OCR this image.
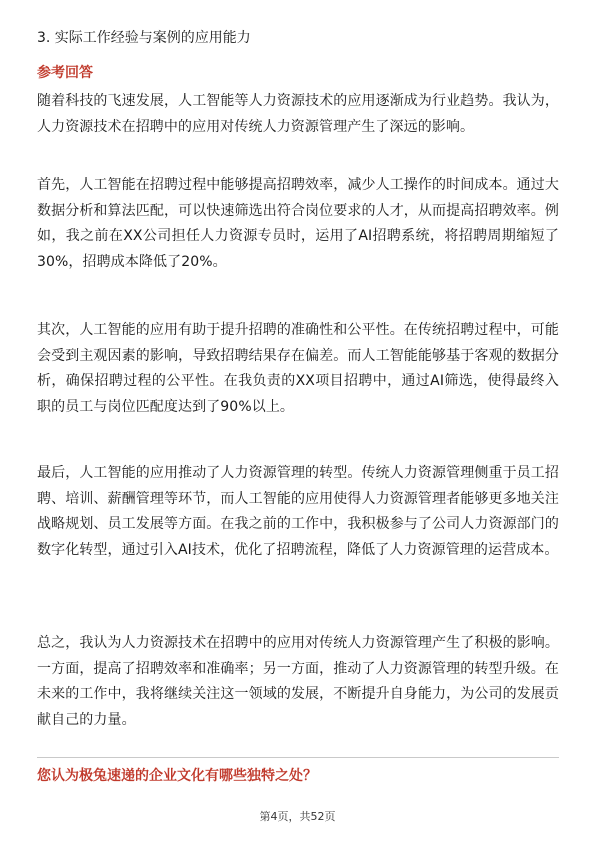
3. 实际工作经验与案例的应用能力
参考回答

随着科技的飞速发展，人工智能等人力资源技术的应用逐渐成为行业趋势。我认为，人力资源技术在招聘中的应用对传统人力资源管理产生了深远的影响。

首先，人工智能在招聘过程中能够提高招聘效率，减少人工操作的时间成本。通过大数据分析和算法匹配，可以快速筛选出符合岗位要求的人才，从而提高招聘效率。例如，我之前在XX公司担任人力资源专员时，运用了AI招聘系统，将招聘周期缩短了30%，招聘成本降低了20%。

其次，人工智能的应用有助于提升招聘的准确性和公平性。在传统招聘过程中，可能会受到主观因素的影响，导致招聘结果存在偏差。而人工智能能够基于客观的数据分析，确保招聘过程的公平性。在我负责的XX项目招聘中，通过AI筛选，使得最终入职的员工与岗位匹配度达到了90%以上。

最后，人工智能的应用推动了人力资源管理的转型。传统人力资源管理侧重于员工招聘、培训、薪酬管理等环节，而人工智能的应用使得人力资源管理者能够更多地关注战略规划、员工发展等方面。在我之前的工作中，我积极参与了公司人力资源部门的数字化转型，通过引入AI技术，优化了招聘流程，降低了人力资源管理的运营成本。

总之，我认为人力资源技术在招聘中的应用对传统人力资源管理产生了积极的影响。一方面，提高了招聘效率和准确率；另一方面，推动了人力资源管理的转型升级。在未来的工作中，我将继续关注这一领域的发展，不断提升自身能力，为公司的发展贡献自己的力量。

您认为极兔速递的企业文化有哪些独特之处？
第4页，共52页
